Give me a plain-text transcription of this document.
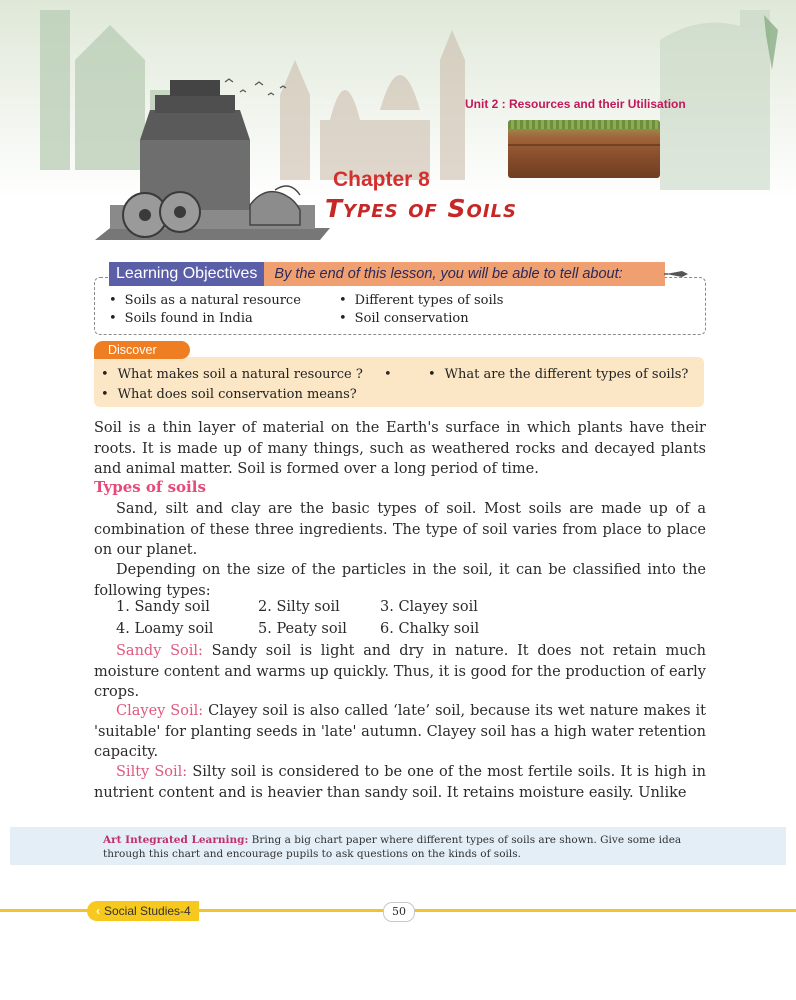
Unit 2 : Resources and their Utilisation
Chapter 8
Types of Soils
Learning Objectives	By the end of this lesson, you will be able to tell about:
• Soils as a natural resource	• Different types of soils
• Soils found in India	• Soil conservation
Discover
• What makes soil a natural resource ? •	• What are the different types of soils?
• What does soil conservation means?
Soil is a thin layer of material on the Earth's surface in which plants have their roots. It is made up of many things, such as weathered rocks and decayed plants and animal matter. Soil is formed over a long period of time.
Types of soils
Sand, silt and clay are the basic types of soil. Most soils are made up of a combination of these three ingredients. The type of soil varies from place to place on our planet.
Depending on the size of the particles in the soil, it can be classified into the following types:
1. Sandy soil	2. Silty soil	3. Clayey soil
4. Loamy soil	5. Peaty soil 6. Chalky soil
Sandy Soil: Sandy soil is light and dry in nature. It does not retain much moisture content and warms up quickly. Thus, it is good for the production of early crops.
Clayey Soil: Clayey soil is also called ‘late’ soil, because its wet nature makes it 'suitable' for planting seeds in 'late' autumn. Clayey soil has a high water retention capacity.
Silty Soil: Silty soil is considered to be one of the most fertile soils. It is high in nutrient content and is heavier than sandy soil. It retains moisture easily. Unlike
Art Integrated Learning: Bring a big chart paper where different types of soils are shown. Give some idea through this chart and encourage pupils to ask questions on the kinds of soils.
‹ Social Studies-4	50
